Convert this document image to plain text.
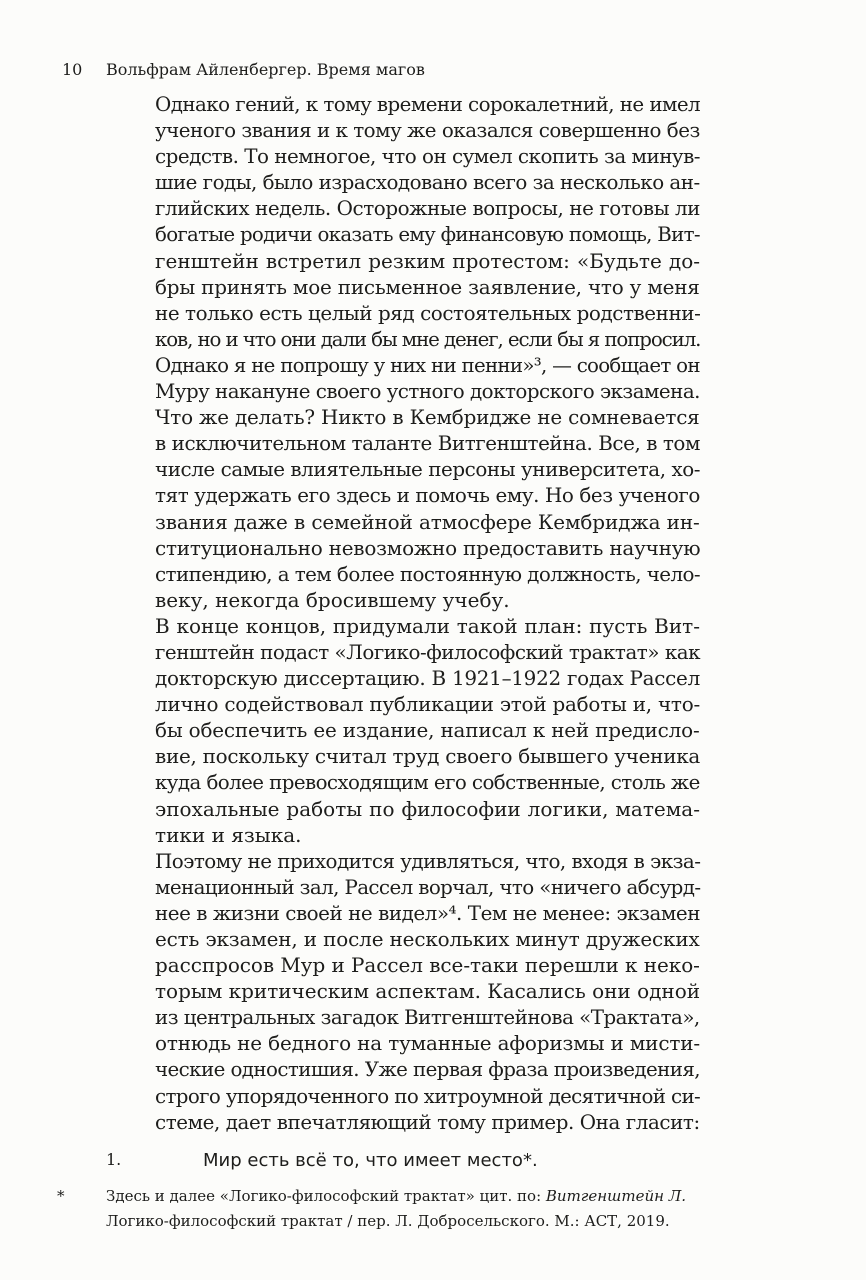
10 Вольфрам Айленбергер. Время магов
Однако гений, к тому времени сорокалетний, не имел
ученого звания и к тому же оказался совершенно без
средств. То немногое, что он сумел скопить за минув-
шие годы, было израсходовано всего за несколько ан-
глийских недель. Осторожные вопросы, не готовы ли
богатые родичи оказать ему финансовую помощь, Вит-
генштейн встретил резким протестом: «Будьте до-
бры принять мое письменное заявление, что у меня
не только есть целый ряд состоятельных родственни-
ков, но и что они дали бы мне денег, если бы я попросил.
Однако я не попрошу у них ни пенни»³, — сообщает он
Муру накануне своего устного докторского экзамена.
Что же делать? Никто в Кембридже не сомневается
в исключительном таланте Витгенштейна. Все, в том
числе самые влиятельные персоны университета, хо-
тят удержать его здесь и помочь ему. Но без ученого
звания даже в семейной атмосфере Кембриджа ин-
ституционально невозможно предоставить научную
стипендию, а тем более постоянную должность, чело-
веку, некогда бросившему учебу.
В конце концов, придумали такой план: пусть Вит-
генштейн подаст «Логико-философский трактат» как
докторскую диссертацию. В 1921–1922 годах Рассел
лично содействовал публикации этой работы и, что-
бы обеспечить ее издание, написал к ней предисло-
вие, поскольку считал труд своего бывшего ученика
куда более превосходящим его собственные, столь же
эпохальные работы по философии логики, матема-
тики и языка.
Поэтому не приходится удивляться, что, входя в экза-
менационный зал, Рассел ворчал, что «ничего абсурд-
нее в жизни своей не видел»⁴. Тем не менее: экзамен
есть экзамен, и после нескольких минут дружеских
расспросов Мур и Рассел все-таки перешли к неко-
торым критическим аспектам. Касались они одной
из центральных загадок Витгенштейнова «Трактата»,
отнюдь не бедного на туманные афоризмы и мисти-
ческие одностишия. Уже первая фраза произведения,
строго упорядоченного по хитроумной десятичной си-
стеме, дает впечатляющий тому пример. Она гласит:
1.	Мир есть всё то, что имеет место*.
*	Здесь и далее «Логико-философский трактат» цит. по: Витгенштейн Л.
Логико-философский трактат / пер. Л. Добросельского. М.: АСТ, 2019.
